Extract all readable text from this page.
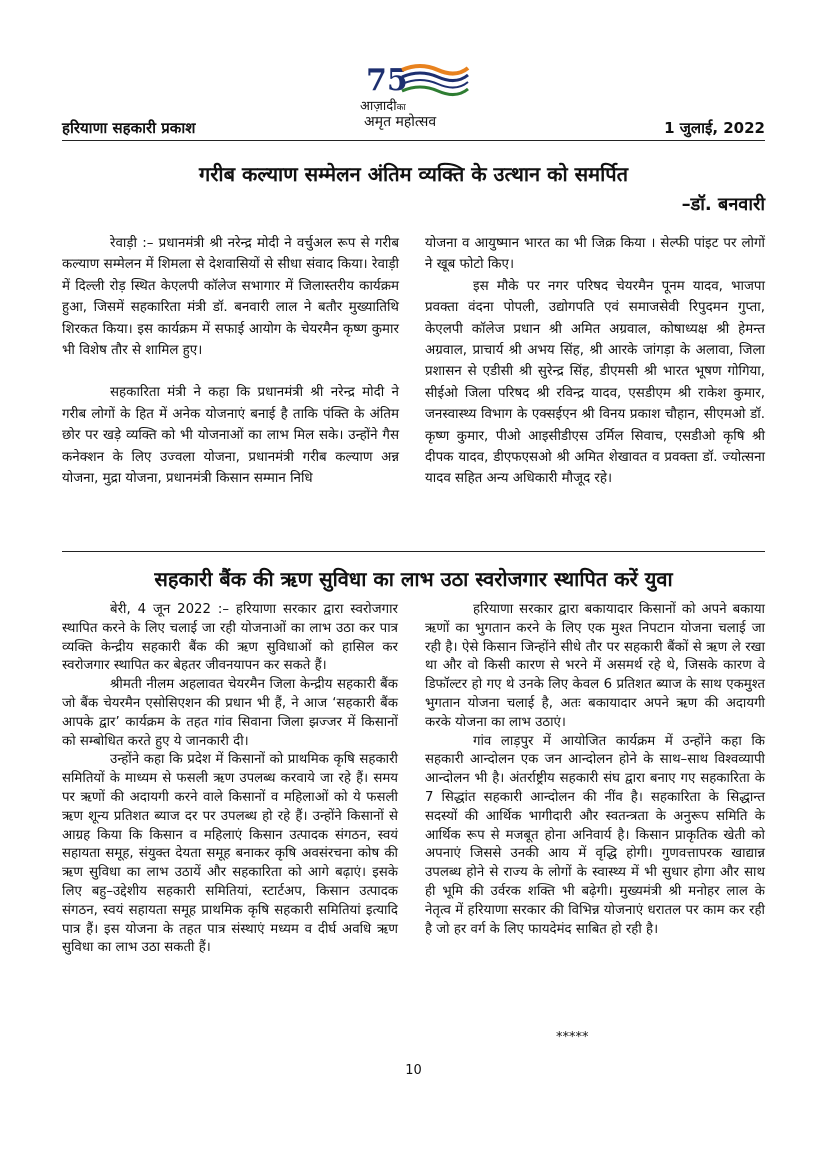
हरियाणा सहकारी प्रकाश
75
आज़ादीका
अमृत महोत्सव	1 जुलाई, 2022
गरीब कल्याण सम्मेलन अंतिम व्यक्ति के उत्थान को समर्पित
–डॉ. बनवारी

रेवाड़ी :– प्रधानमंत्री श्री नरेन्द्र मोदी ने वर्चुअल रूप से गरीब कल्याण सम्मेलन में शिमला से देशवासियों से सीधा संवाद किया। रेवाड़ी में दिल्ली रोड़ स्थित केएलपी कॉलेज सभागार में जिलास्तरीय कार्यक्रम हुआ, जिसमें सहकारिता मंत्री डॉ. बनवारी लाल ने बतौर मुख्यातिथि शिरकत किया। इस कार्यक्रम में सफाई आयोग के चेयरमैन कृष्ण कुमार भी विशेष तौर से शामिल हुए।

सहकारिता मंत्री ने कहा कि प्रधानमंत्री श्री नरेन्द्र मोदी ने गरीब लोगों के हित में अनेक योजनाएं बनाई है ताकि पंक्ति के अंतिम छोर पर खड़े व्यक्ति को भी योजनाओं का लाभ मिल सके। उन्होंने गैस कनेक्शन के लिए उज्वला योजना, प्रधानमंत्री गरीब कल्याण अन्न योजना, मुद्रा योजना, प्रधानमंत्री किसान सम्मान निधि

योजना व आयुष्मान भारत का भी जिक्र किया । सेल्फी पांइट पर लोगों ने खूब फोटो किए।

इस मौके पर नगर परिषद चेयरमैन पूनम यादव, भाजपा प्रवक्ता वंदना पोपली, उद्योगपति एवं समाजसेवी रिपुदमन गुप्ता, केएलपी कॉलेज प्रधान श्री अमित अग्रवाल, कोषाध्यक्ष श्री हेमन्त अग्रवाल, प्राचार्य श्री अभय सिंह, श्री आरके जांगड़ा के अलावा, जिला प्रशासन से एडीसी श्री सुरेन्द्र सिंह, डीएमसी श्री भारत भूषण गोगिया, सीईओ जिला परिषद श्री रविन्द्र यादव, एसडीएम श्री राकेश कुमार, जनस्वास्थ्य विभाग के एक्सईएन श्री विनय प्रकाश चौहान, सीएमओ डॉ. कृष्ण कुमार, पीओ आइसीडीएस उर्मिल सिवाच, एसडीओ कृषि श्री दीपक यादव, डीएफएसओ श्री अमित शेखावत व प्रवक्ता डॉ. ज्योत्सना यादव सहित अन्य अधिकारी मौजूद रहे।

सहकारी बैंक की ऋण सुविधा का लाभ उठा स्वरोजगार स्थापित करें युवा

बेरी, 4 जून 2022 :– हरियाणा सरकार द्वारा स्वरोजगार स्थापित करने के लिए चलाई जा रही योजनाओं का लाभ उठा कर पात्र व्यक्ति केन्द्रीय सहकारी बैंक की ऋण सुविधाओं को हासिल कर स्वरोजगार स्थापित कर बेहतर जीवनयापन कर सकते हैं।

श्रीमती नीलम अहलावत चेयरमैन जिला केन्द्रीय सहकारी बैंक जो बैंक चेयरमैन एसोसिएशन की प्रधान भी हैं, ने आज ‘सहकारी बैंक आपके द्वार’ कार्यक्रम के तहत गांव सिवाना जिला झज्जर में किसानों को सम्बोधित करते हुए ये जानकारी दी।

उन्होंने कहा कि प्रदेश में किसानों को प्राथमिक कृषि सहकारी समितियों के माध्यम से फसली ऋण उपलब्ध करवाये जा रहे हैं। समय पर ऋणों की अदायगी करने वाले किसानों व महिलाओं को ये फसली ऋण शून्य प्रतिशत ब्याज दर पर उपलब्ध हो रहे हैं। उन्होंने किसानों से आग्रह किया कि किसान व महिलाएं किसान उत्पादक संगठन, स्वयं सहायता समूह, संयुक्त देयता समूह बनाकर कृषि अवसंरचना कोष की ऋण सुविधा का लाभ उठायें और सहकारिता को आगे बढ़ाएं। इसके लिए बहु–उद्देशीय सहकारी समितियां, स्टार्टअप, किसान उत्पादक संगठन, स्वयं सहायता समूह प्राथमिक कृषि सहकारी समितियां इत्यादि पात्र हैं। इस योजना के तहत पात्र संस्थाएं मध्यम व दीर्घ अवधि ऋण सुविधा का लाभ उठा सकती हैं।

हरियाणा सरकार द्वारा बकायादार किसानों को अपने बकाया ऋणों का भुगतान करने के लिए एक मुश्त निपटान योजना चलाई जा रही है। ऐसे किसान जिन्होंने सीधे तौर पर सहकारी बैंकों से ऋण ले रखा था और वो किसी कारण से भरने में असमर्थ रहे थे, जिसके कारण वे डिफॉल्टर हो गए थे उनके लिए केवल 6 प्रतिशत ब्याज के साथ एकमुश्त भुगतान योजना चलाई है, अतः बकायादार अपने ऋण की अदायगी करके योजना का लाभ उठाएं।

गांव लाड़पुर में आयोजित कार्यक्रम में उन्होंने कहा कि सहकारी आन्दोलन एक जन आन्दोलन होने के साथ–साथ विश्वव्यापी आन्दोलन भी है। अंतर्राष्ट्रीय सहकारी संघ द्वारा बनाए गए सहकारिता के 7 सिद्धांत सहकारी आन्दोलन की नींव है। सहकारिता के सिद्धान्त सदस्यों की आर्थिक भागीदारी और स्वतन्त्रता के अनुरूप समिति के आर्थिक रूप से मजबूत होना अनिवार्य है। किसान प्राकृतिक खेती को अपनाएं जिससे उनकी आय में वृद्धि होगी। गुणवत्तापरक खाद्यान्न उपलब्ध होने से राज्य के लोगों के स्वास्थ्य में भी सुधार होगा और साथ ही भूमि की उर्वरक शक्ति भी बढ़ेगी। मुख्यमंत्री श्री मनोहर लाल के नेतृत्व में हरियाणा सरकार की विभिन्न योजनाएं धरातल पर काम कर रही है जो हर वर्ग के लिए फायदेमंद साबित हो रही है।

*****
10
